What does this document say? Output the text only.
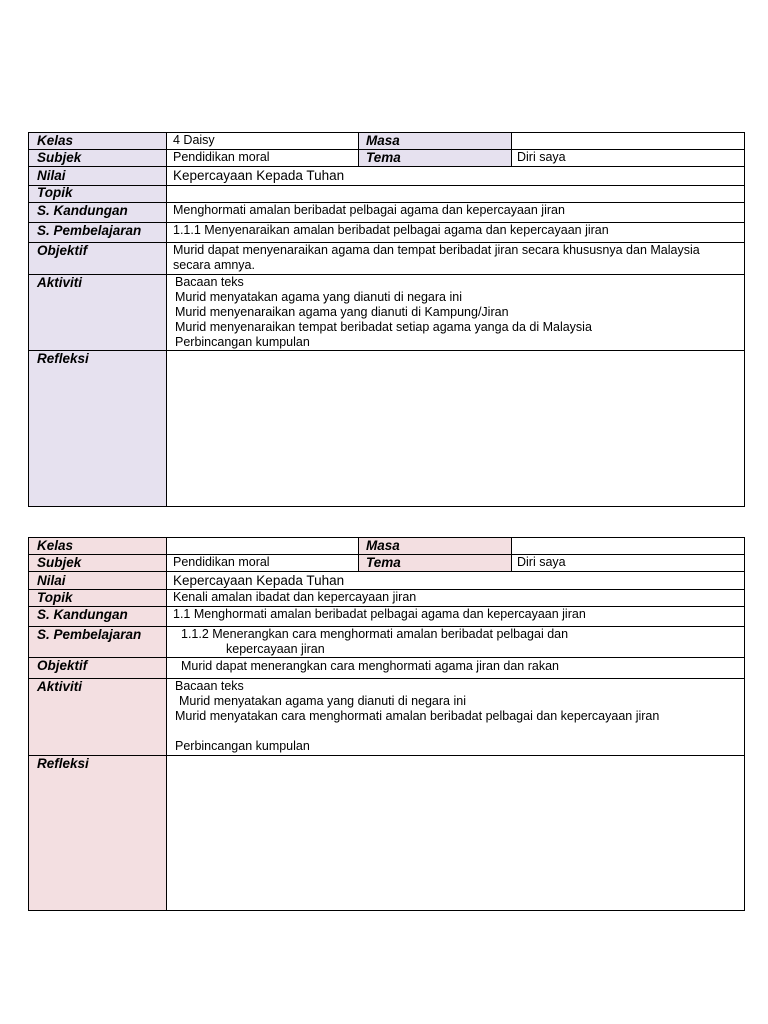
Kelas
Subjek
Nilai
Topik
S. Kandungan
S. Pembelajaran
Objektif
Aktiviti
Refleksi
Masa
Tema
4 Daisy
Pendidikan moral	Diri saya
Kepercayaan Kepada Tuhan
Menghormati amalan beribadat pelbagai agama dan kepercayaan jiran
1.1.1 Menyenaraikan amalan beribadat pelbagai agama dan kepercayaan jiran
Murid dapat menyenaraikan agama dan tempat beribadat jiran secara khususnya dan Malaysia secara amnya.
Bacaan teks
Murid menyatakan agama yang dianuti di negara ini
Murid menyenaraikan agama yang dianuti di Kampung/Jiran
Murid menyenaraikan tempat beribadat setiap agama yanga da di Malaysia
Perbincangan kumpulan
Kelas
Subjek
Nilai
Topik
S. Kandungan
S. Pembelajaran
Objektif
Aktiviti
Refleksi
Masa
Tema
Pendidikan moral	Diri saya
Kepercayaan Kepada Tuhan
Kenali amalan ibadat dan kepercayaan jiran
1.1 Menghormati amalan beribadat pelbagai agama dan kepercayaan jiran
1.1.2 Menerangkan cara menghormati amalan beribadat pelbagai dan
kepercayaan jiran
Murid dapat menerangkan cara menghormati agama jiran dan rakan
Bacaan teks
Murid menyatakan agama yang dianuti di negara ini
Murid menyatakan cara menghormati amalan beribadat pelbagai dan kepercayaan jiran
Perbincangan kumpulan
